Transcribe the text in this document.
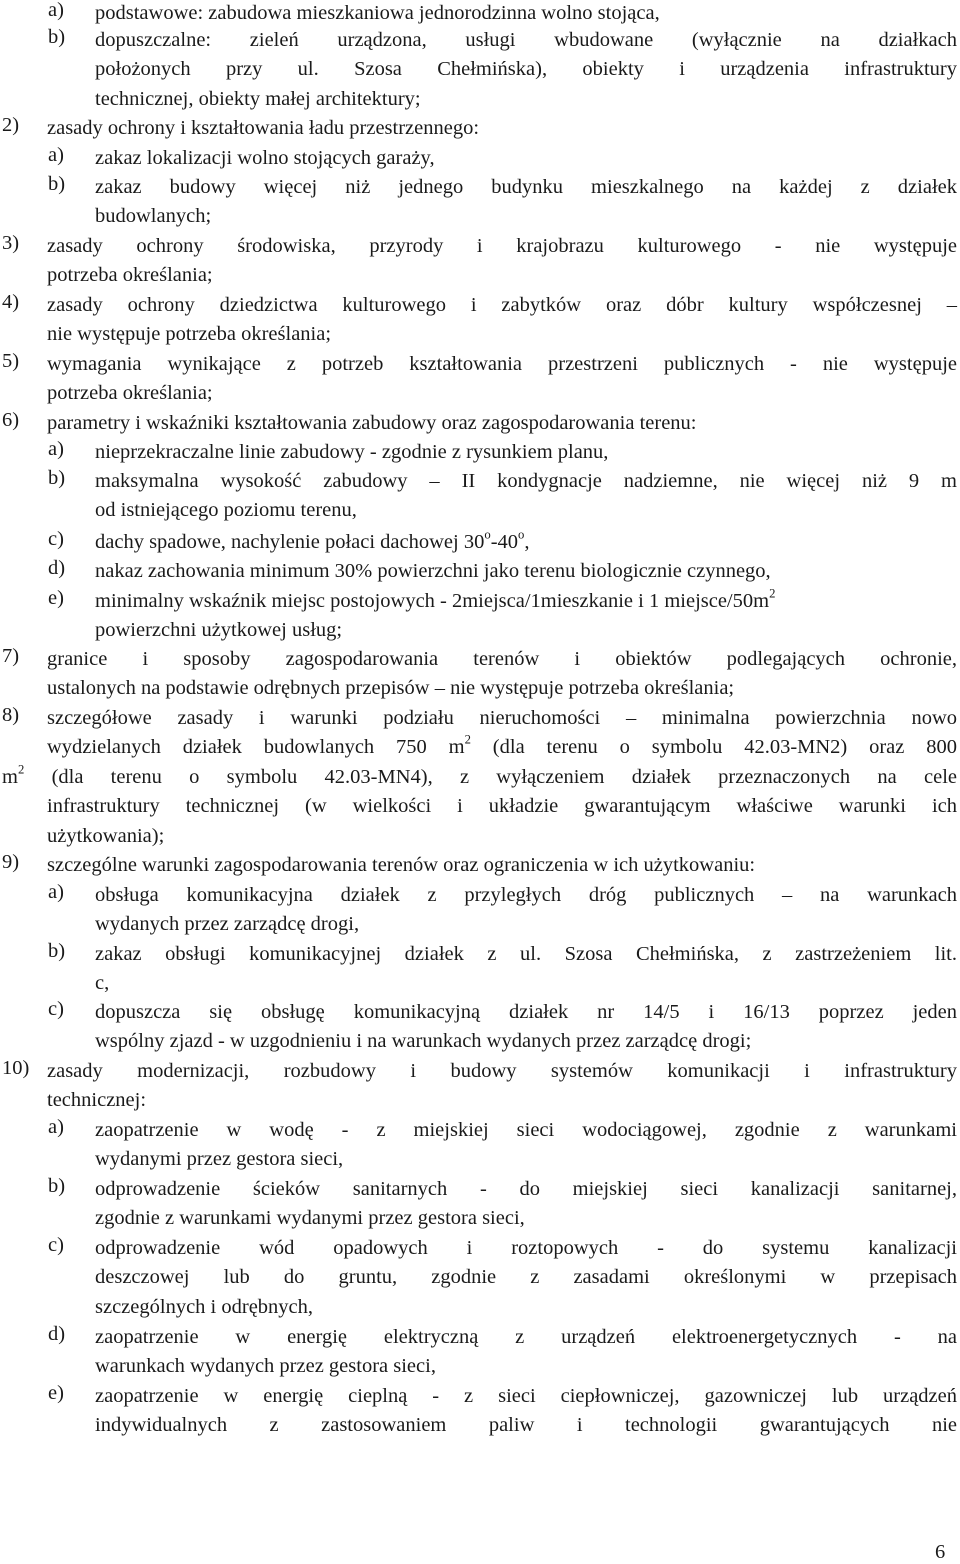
a) podstawowe: zabudowa mieszkaniowa jednorodzinna wolno stojąca,
b) dopuszczalne: zieleń urządzona, usługi wbudowane (wyłącznie na działkach
położonych przy ul. Szosa Chełmińska), obiekty i urządzenia infrastruktury
technicznej, obiekty małej architektury;
2) zasady ochrony i kształtowania ładu przestrzennego:
a) zakaz lokalizacji wolno stojących garaży,
b) zakaz budowy więcej niż jednego budynku mieszkalnego na każdej z działek
budowlanych;
3) zasady ochrony środowiska, przyrody i krajobrazu kulturowego - nie występuje
potrzeba określania;
4) zasady ochrony dziedzictwa kulturowego i zabytków oraz dóbr kultury współczesnej –
nie występuje potrzeba określania;
5) wymagania wynikające z potrzeb kształtowania przestrzeni publicznych - nie występuje
potrzeba określania;
6) parametry i wskaźniki kształtowania zabudowy oraz zagospodarowania terenu:
a) nieprzekraczalne linie zabudowy - zgodnie z rysunkiem planu,
b) maksymalna wysokość zabudowy – II kondygnacje nadziemne, nie więcej niż 9 m
od istniejącego poziomu terenu,
c) dachy spadowe, nachylenie połaci dachowej 30$^o$-40$^o$,
d) nakaz zachowania minimum 30% powierzchni jako terenu biologicznie czynnego,
e) minimalny wskaźnik miejsc postojowych - 2miejsca/1mieszkanie i 1 miejsce/$50m^2$
powierzchni użytkowej usług;
7) granice i sposoby zagospodarowania terenów i obiektów podlegających ochronie,
ustalonych na podstawie odrębnych przepisów – nie występuje potrzeba określania;
8) szczegółowe zasady i warunki podziału nieruchomości – minimalna powierzchnia nowo
wydzielanych działek budowlanych 750 $m^2$ (dla terenu o symbolu 42.03-MN2) oraz 800
$m^2$ (dla terenu o symbolu 42.03-MN4), z wyłączeniem działek przeznaczonych na cele
infrastruktury technicznej (w wielkości i układzie gwarantującym właściwe warunki ich
użytkowania);
9) szczególne warunki zagospodarowania terenów oraz ograniczenia w ich użytkowaniu:
a) obsługa komunikacyjna działek z przyległych dróg publicznych – na warunkach
wydanych przez zarządcę drogi,
b) zakaz obsługi komunikacyjnej działek z ul. Szosa Chełmińska, z zastrzeżeniem lit.
c,
c) dopuszcza się obsługę komunikacyjną działek nr 14/5 i 16/13 poprzez jeden
wspólny zjazd - w uzgodnieniu i na warunkach wydanych przez zarządcę drogi;
10) zasady modernizacji, rozbudowy i budowy systemów komunikacji i infrastruktury
technicznej:
a) zaopatrzenie w wodę - z miejskiej sieci wodociągowej, zgodnie z warunkami
wydanymi przez gestora sieci,
b) odprowadzenie ścieków sanitarnych - do miejskiej sieci kanalizacji sanitarnej,
zgodnie z warunkami wydanymi przez gestora sieci,
c) odprowadzenie wód opadowych i roztopowych - do systemu kanalizacji
deszczowej lub do gruntu, zgodnie z zasadami określonymi w przepisach
szczególnych i odrębnych,
d) zaopatrzenie w energię elektryczną z urządzeń elektroenergetycznych - na
warunkach wydanych przez gestora sieci,
e) zaopatrzenie w energię cieplną - z sieci ciepłowniczej, gazowniczej lub urządzeń
indywidualnych z zastosowaniem paliw i technologii gwarantujących nie
6
